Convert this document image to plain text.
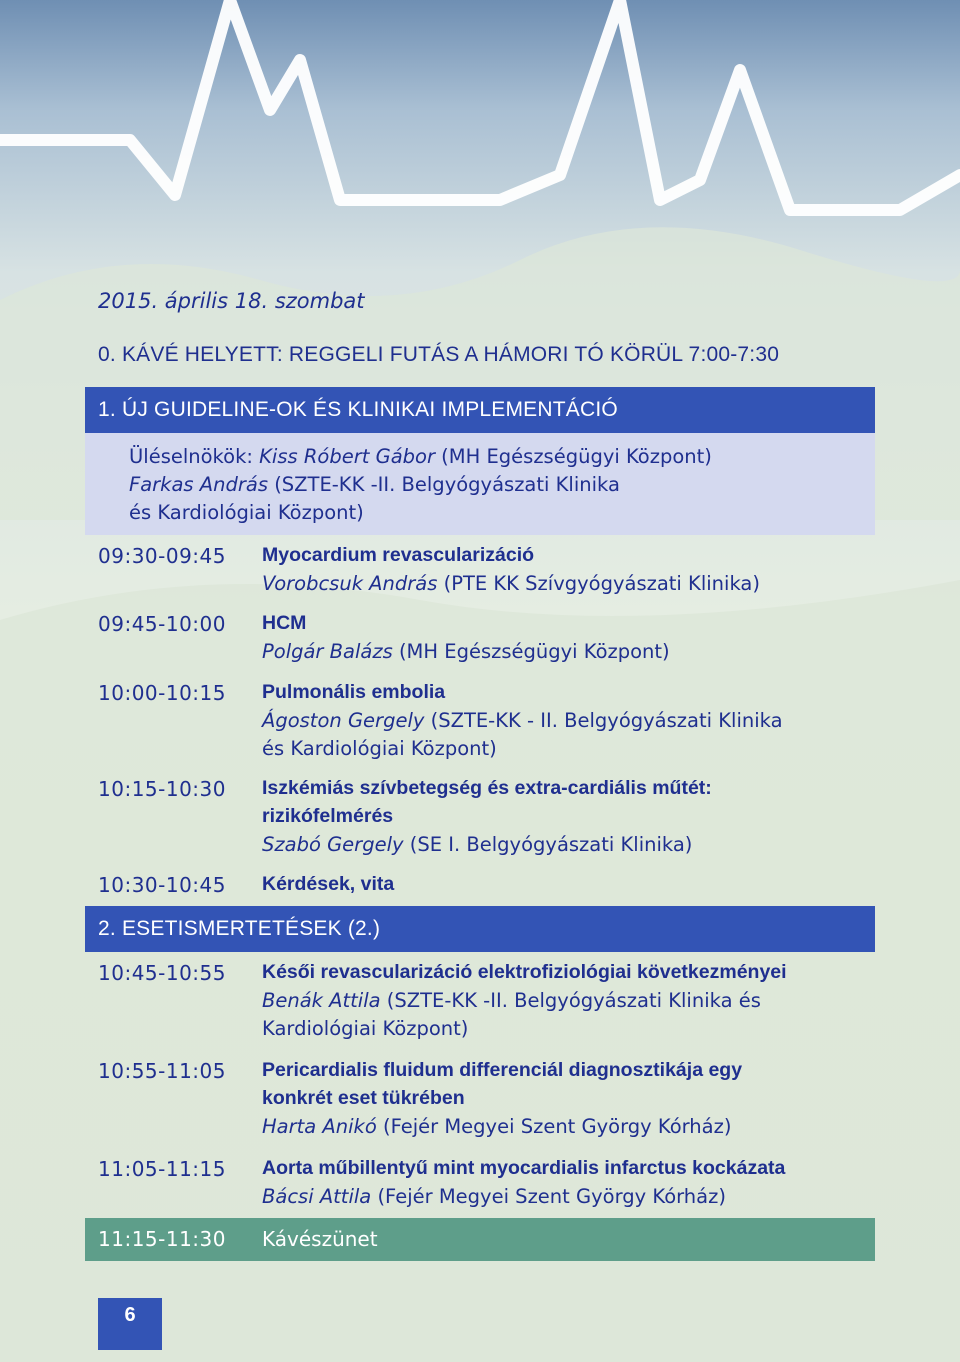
2015. április 18. szombat
0. KÁVÉ HELYETT: REGGELI FUTÁS A HÁMORI TÓ KÖRÜL 7:00-7:30
1. ÚJ GUIDELINE-OK ÉS KLINIKAI IMPLEMENTÁCIÓ
Üléselnökök: Kiss Róbert Gábor (MH Egészségügyi Központ)
Farkas András (SZTE-KK -II. Belgyógyászati Klinika
és Kardiológiai Központ)
09:30-09:45 Myocardium revascularizáció
Vorobcsuk András (PTE KK Szívgyógyászati Klinika)
09:45-10:00 HCM
Polgár Balázs (MH Egészségügyi Központ)
10:00-10:15 Pulmonális embolia
Ágoston Gergely (SZTE-KK - II. Belgyógyászati Klinika
és Kardiológiai Központ)
10:15-10:30 Iszkémiás szívbetegség és extra-cardiális műtét:
rizikófelmérés
Szabó Gergely (SE I. Belgyógyászati Klinika)
10:30-10:45 Kérdések, vita
2. ESETISMERTETÉSEK (2.)
10:45-10:55 Késői revascularizáció elektrofiziológiai következményei
Benák Attila (SZTE-KK -II. Belgyógyászati Klinika és
Kardiológiai Központ)
10:55-11:05 Pericardialis fluidum differenciál diagnosztikája egy
konkrét eset tükrében
Harta Anikó (Fejér Megyei Szent György Kórház)
11:05-11:15 Aorta műbillentyű mint myocardialis infarctus kockázata
Bácsi Attila (Fejér Megyei Szent György Kórház)
11:15-11:30 Kávészünet
6
